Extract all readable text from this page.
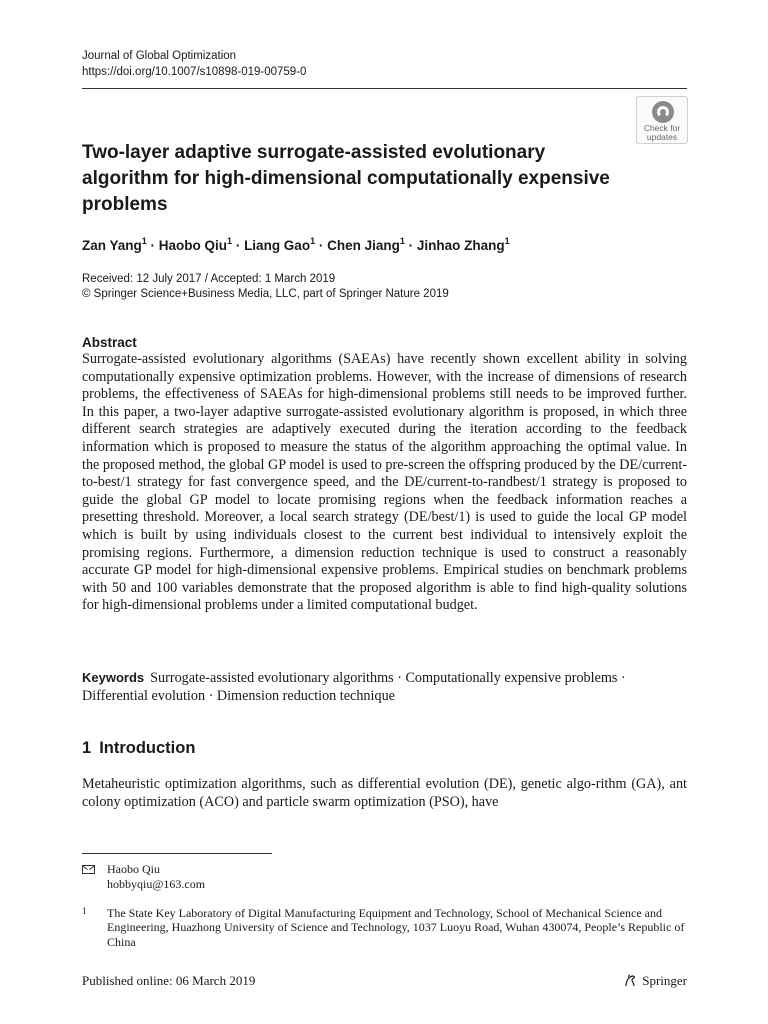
Journal of Global Optimization
https://doi.org/10.1007/s10898-019-00759-0
Check for updates
Two-layer adaptive surrogate-assisted evolutionary algorithm for high-dimensional computationally expensive problems
Zan Yang$^1$ · Haobo Qiu$^1$ · Liang Gao$^1$ · Chen Jiang$^1$ · Jinhao Zhang$^1$
Received: 12 July 2017 / Accepted: 1 March 2019
© Springer Science+Business Media, LLC, part of Springer Nature 2019
Abstract
Surrogate-assisted evolutionary algorithms (SAEAs) have recently shown excellent ability in solving computationally expensive optimization problems. However, with the increase of dimensions of research problems, the effectiveness of SAEAs for high-dimensional problems still needs to be improved further. In this paper, a two-layer adaptive surrogate-assisted evolutionary algorithm is proposed, in which three different search strategies are adaptively executed during the iteration according to the feedback information which is proposed to measure the status of the algorithm approaching the optimal value. In the proposed method, the global GP model is used to pre-screen the offspring produced by the DE/current-to-best/1 strategy for fast convergence speed, and the DE/current-to-randbest/1 strategy is proposed to guide the global GP model to locate promising regions when the feedback information reaches a presetting threshold. Moreover, a local search strategy (DE/best/1) is used to guide the local GP model which is built by using individuals closest to the current best individual to intensively exploit the promising regions. Furthermore, a dimension reduction technique is used to construct a reasonably accurate GP model for high-dimensional expensive problems. Empirical studies on benchmark problems with 50 and 100 variables demonstrate that the proposed algorithm is able to find high-quality solutions for high-dimensional problems under a limited computational budget.
Keywords Surrogate-assisted evolutionary algorithms · Computationally expensive problems · Differential evolution · Dimension reduction technique
1 Introduction

Metaheuristic optimization algorithms, such as differential evolution (DE), genetic algo-rithm (GA), ant colony optimization (ACO) and particle swarm optimization (PSO), have

Haobo Qiu
hobbyqiu@163.com
1 The State Key Laboratory of Digital Manufacturing Equipment and Technology, School of Mechanical Science and Engineering, Huazhong University of Science and Technology, 1037 Luoyu Road, Wuhan 430074, People’s Republic of China
Published online: 06 March 2019	Springer
